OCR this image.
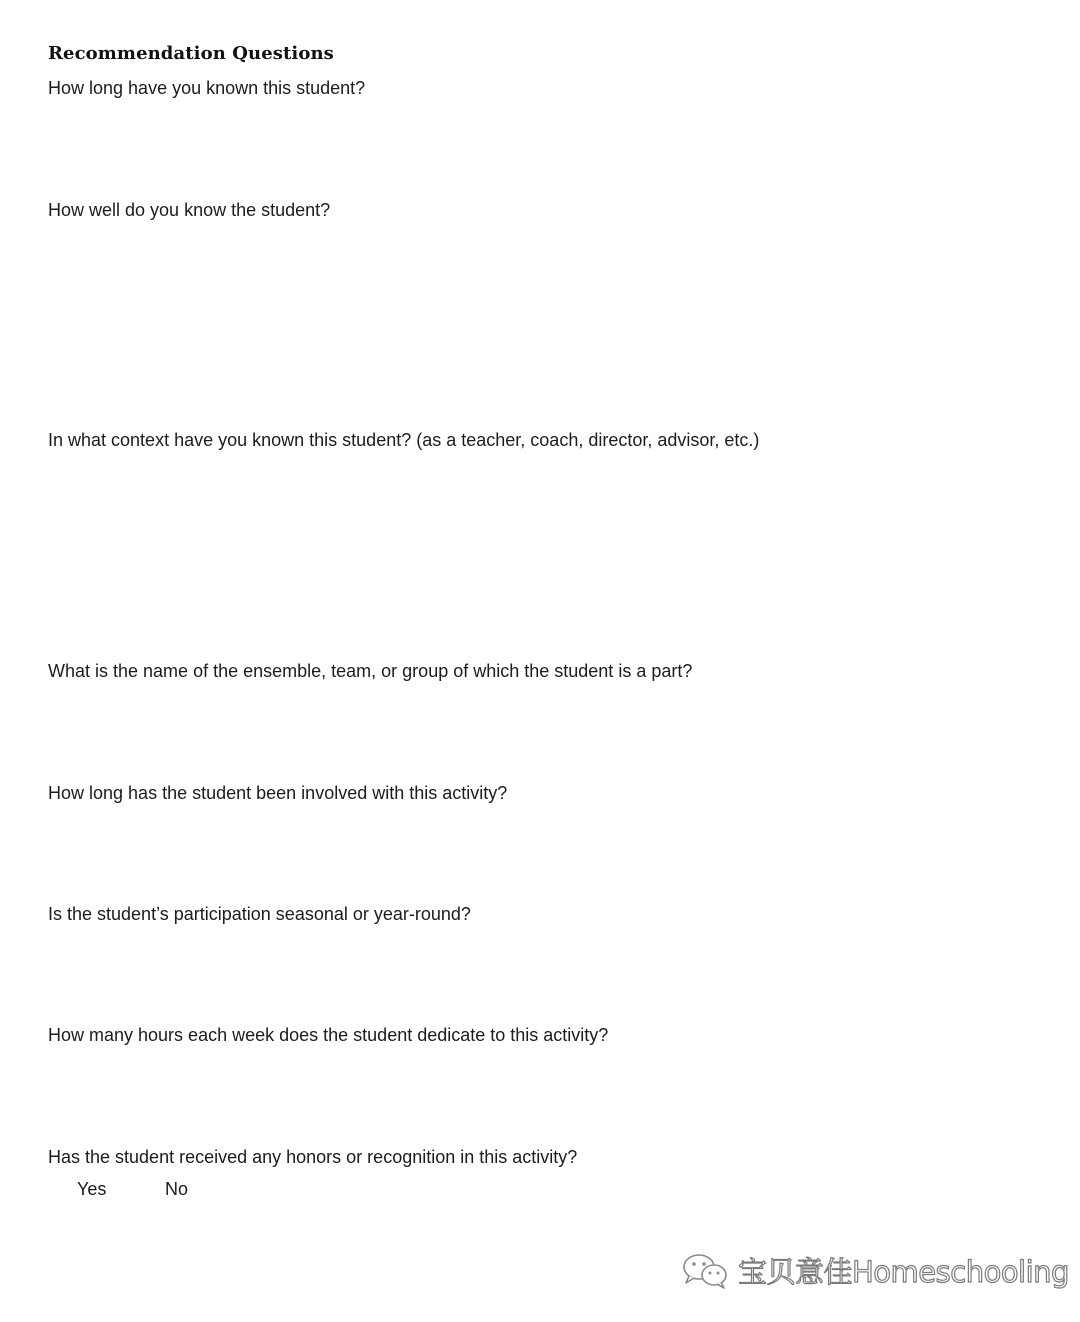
Recommendation Questions
How long have you known this student?
How well do you know the student?
In what context have you known this student? (as a teacher, coach, director, advisor, etc.)
What is the name of the ensemble, team, or group of which the student is a part?
How long has the student been involved with this activity?
Is the student’s participation seasonal or year-round?
How many hours each week does the student dedicate to this activity?
Has the student received any honors or recognition in this activity?
Yes	No
宝贝意佳Homeschooling
